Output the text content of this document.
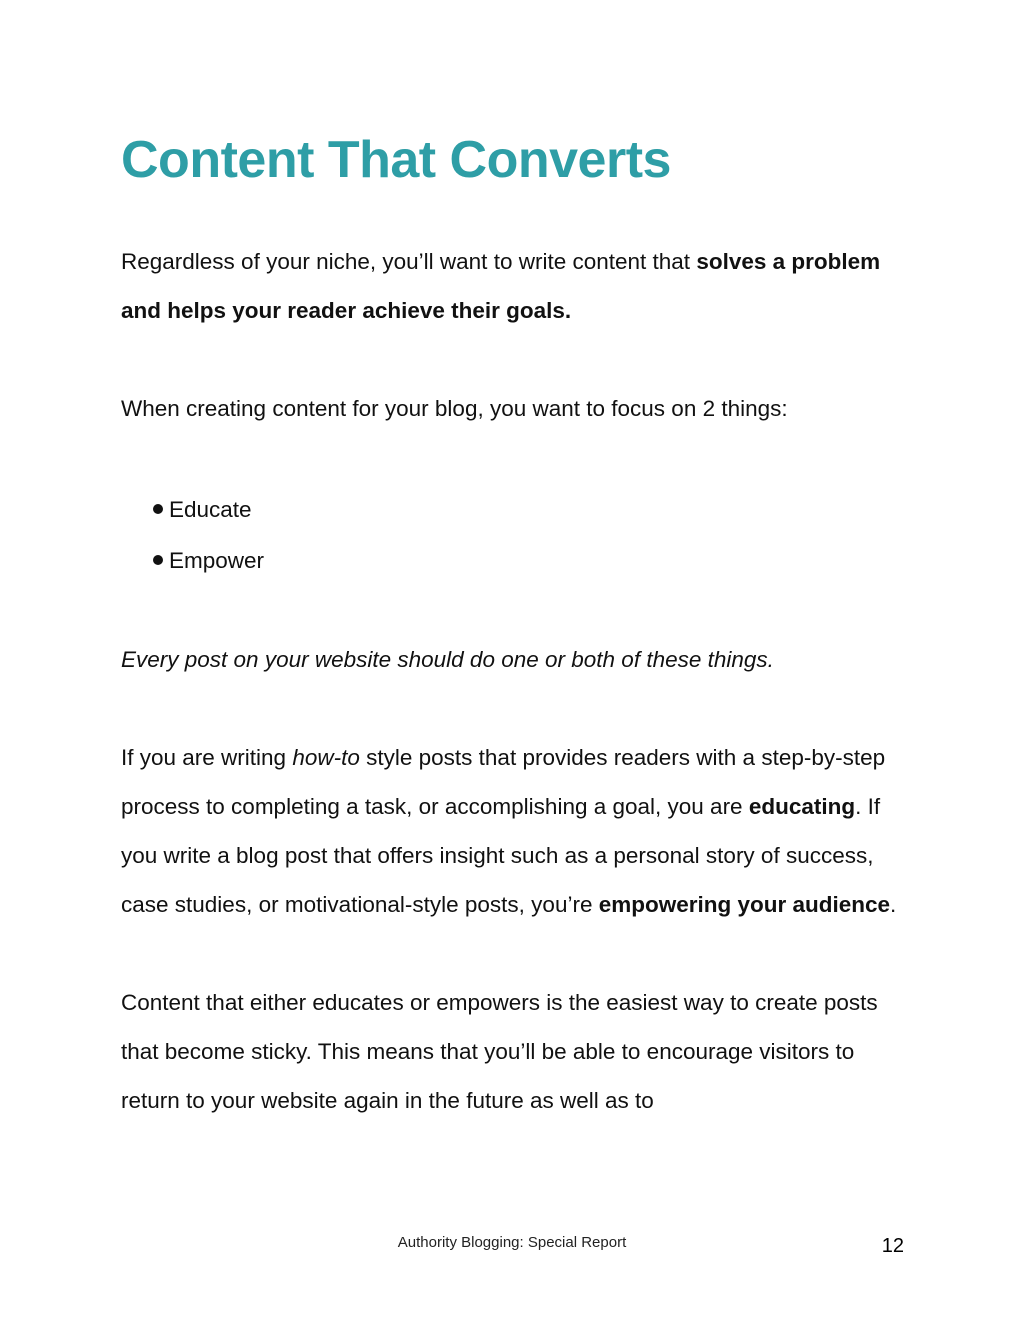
Content That Converts

Regardless of your niche, you’ll want to write content that solves a problem and helps your reader achieve their goals.

When creating content for your blog, you want to focus on 2 things:

Educate
Empower

Every post on your website should do one or both of these things.

If you are writing how-to style posts that provides readers with a step-by-step process to completing a task, or accomplishing a goal, you are educating. If you write a blog post that offers insight such as a personal story of success, case studies, or motivational-style posts, you’re empowering your audience.

Content that either educates or empowers is the easiest way to create posts that become sticky. This means that you’ll be able to encourage visitors to return to your website again in the future as well as to

Authority Blogging: Special Report	12
